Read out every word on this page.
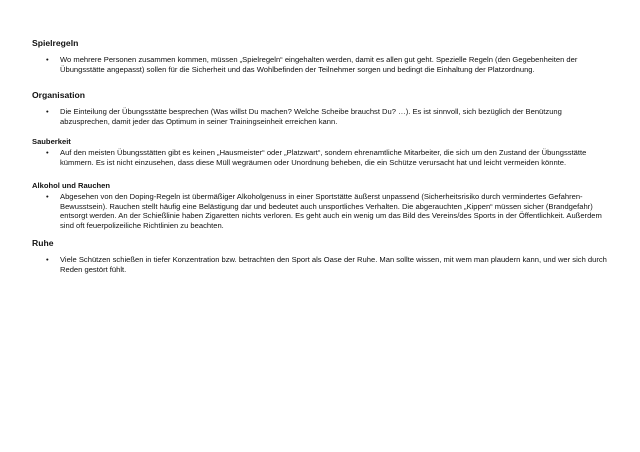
Spielregeln

• Wo mehrere Personen zusammen kommen, müssen „Spielregeln“ eingehalten werden, damit es allen gut geht. Spezielle Regeln (den Gegebenheiten der Übungsstätte angepasst) sollen für die Sicherheit und das Wohlbefinden der Teilnehmer sorgen und bedingt die Einhaltung der Platzordnung.

Organisation

• Die Einteilung der Übungsstätte besprechen (Was willst Du machen? Welche Scheibe brauchst Du? …). Es ist sinnvoll, sich bezüglich der Benützung abzusprechen, damit jeder das Optimum in seiner Trainingseinheit erreichen kann.

Sauberkeit

• Auf den meisten Übungsstätten gibt es keinen „Hausmeister“ oder „Platzwart“, sondern ehrenamtliche Mitarbeiter, die sich um den Zustand der Übungsstätte kümmern. Es ist nicht einzusehen, dass diese Müll wegräumen oder Unordnung beheben, die ein Schütze verursacht hat und leicht vermeiden könnte.

Alkohol und Rauchen

• Abgesehen von den Doping-Regeln ist übermäßiger Alkoholgenuss in einer Sportstätte äußerst unpassend (Sicherheitsrisiko durch vermindertes Gefahren-Bewusstsein). Rauchen stellt häufig eine Belästigung dar und bedeutet auch unsportliches Verhalten. Die abgerauchten „Kippen“ müssen sicher (Brandgefahr) entsorgt werden. An der Schießlinie haben Zigaretten nichts verloren. Es geht auch ein wenig um das Bild des Vereins/des Sports in der Öffentlichkeit. Außerdem sind oft feuerpolizeiliche Richtlinien zu beachten.

Ruhe

• Viele Schützen schießen in tiefer Konzentration bzw. betrachten den Sport als Oase der Ruhe. Man sollte wissen, mit wem man plaudern kann, und wer sich durch Reden gestört fühlt.
